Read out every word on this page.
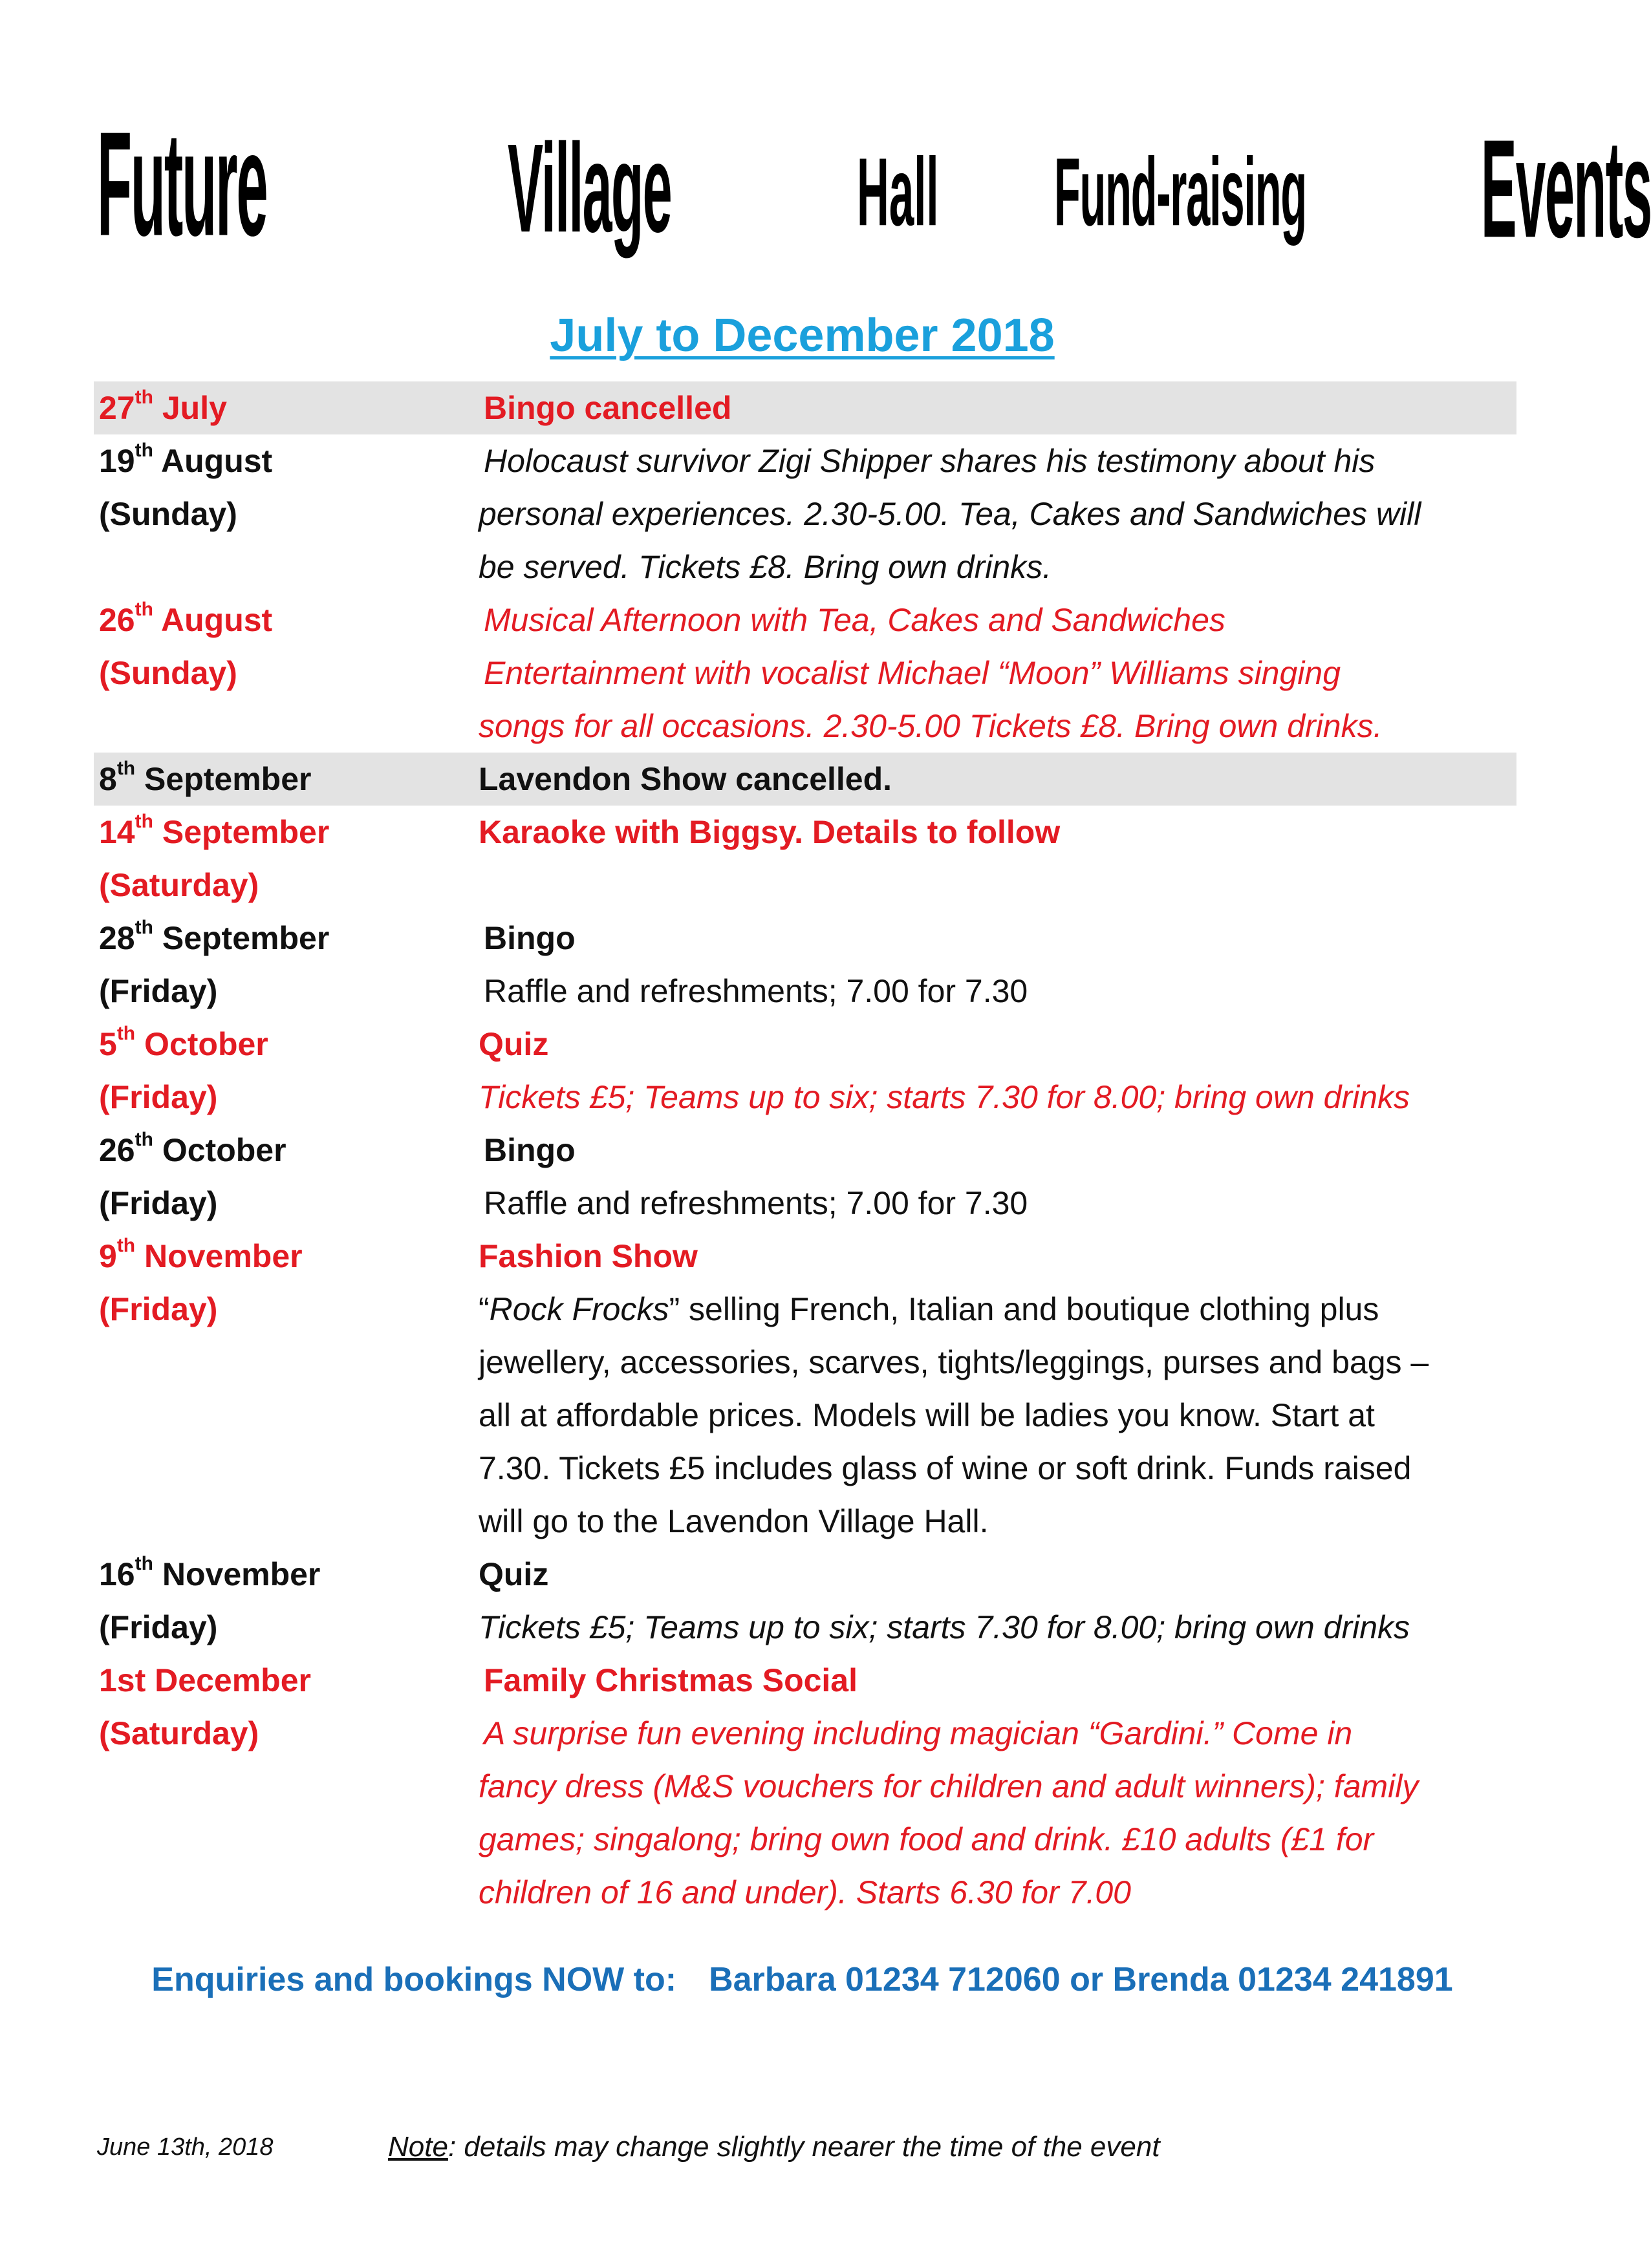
Future Village Hall Fund-raising Events
July to December 2018
27th July	Bingo cancelled
19th August	Holocaust survivor Zigi Shipper shares his testimony about his
(Sunday)	personal experiences. 2.30-5.00. Tea, Cakes and Sandwiches will
be served. Tickets £8. Bring own drinks.
26th August	Musical Afternoon with Tea, Cakes and Sandwiches
(Sunday)	Entertainment with vocalist Michael “Moon” Williams singing
songs for all occasions. 2.30-5.00 Tickets £8. Bring own drinks.
8th September	Lavendon Show cancelled.
14th September	Karaoke with Biggsy. Details to follow
(Saturday)
28th September	Bingo
(Friday)	Raffle and refreshments; 7.00 for 7.30
5th October	Quiz
(Friday)	Tickets £5; Teams up to six; starts 7.30 for 8.00; bring own drinks
26th October	Bingo
(Friday)	Raffle and refreshments; 7.00 for 7.30
9th November	Fashion Show
(Friday)	“Rock Frocks” selling French, Italian and boutique clothing plus
jewellery, accessories, scarves, tights/leggings, purses and bags –
all at affordable prices. Models will be ladies you know. Start at
7.30. Tickets £5 includes glass of wine or soft drink. Funds raised
will go to the Lavendon Village Hall.
16th November	Quiz
(Friday)	Tickets £5; Teams up to six; starts 7.30 for 8.00; bring own drinks
1st December	Family Christmas Social
(Saturday)	A surprise fun evening including magician “Gardini.” Come in
fancy dress (M&S vouchers for children and adult winners); family
games; singalong; bring own food and drink. £10 adults (£1 for
children of 16 and under). Starts 6.30 for 7.00
Enquiries and bookings NOW to: Barbara 01234 712060 or Brenda 01234 241891
June 13th, 2018	Note: details may change slightly nearer the time of the event
